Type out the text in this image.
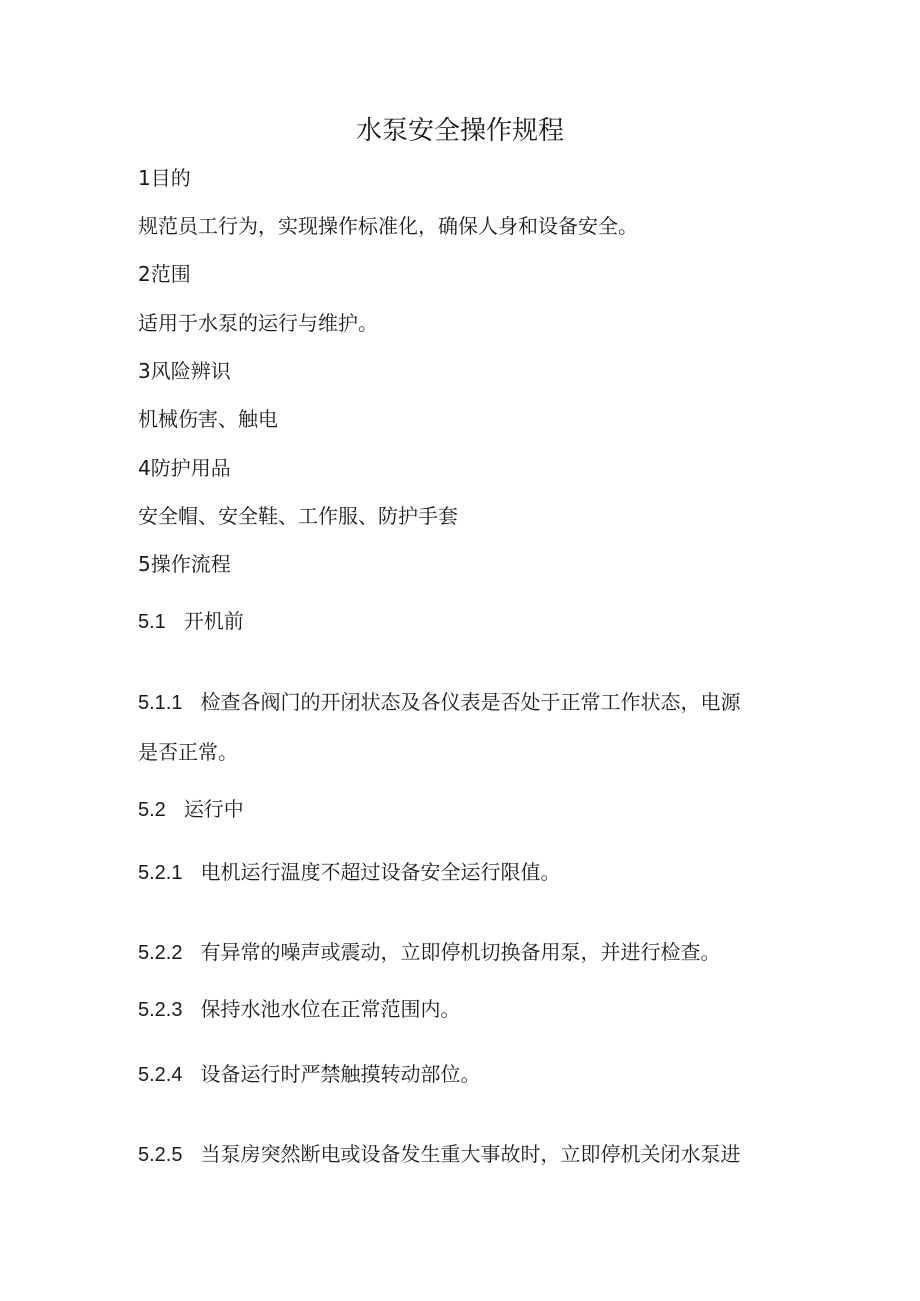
水泵安全操作规程
1目的
规范员工行为，实现操作标准化，确保人身和设备安全。
2范围
适用于水泵的运行与维护。
3风险辨识
机械伤害、触电
4防护用品
安全帽、安全鞋、工作服、防护手套
5操作流程
5.1 开机前
5.1.1 检查各阀门的开闭状态及各仪表是否处于正常工作状态，电源
是否正常。
5.2 运行中
5.2.1 电机运行温度不超过设备安全运行限值。
5.2.2 有异常的噪声或震动，立即停机切换备用泵，并进行检查。
5.2.3 保持水池水位在正常范围内。
5.2.4 设备运行时严禁触摸转动部位。
5.2.5 当泵房突然断电或设备发生重大事故时，立即停机关闭水泵进
